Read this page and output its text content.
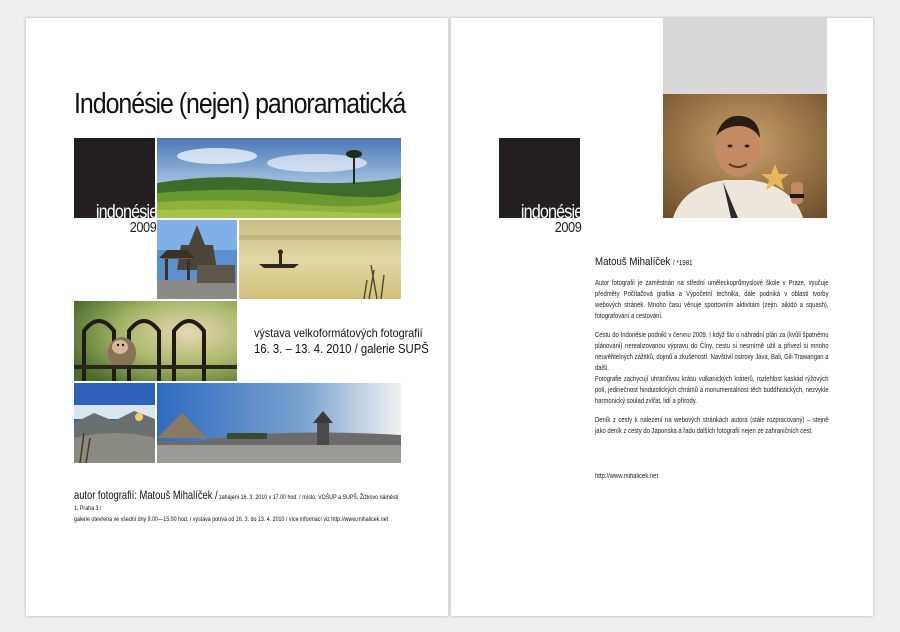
Indonésie (nejen) panoramatická
indonésie
2009
výstava velkoformátových fotografií
16. 3. – 13. 4. 2010 / galerie SUPŠ
autor fotografií: Matouš Mihalíček / zahájení 16. 3. 2010 v 17.00 hod. / místo: VOŠUP a SUPŠ, Žižkovo náměstí 1, Praha 3 /
galerie otevřena ve všední dny 9.00—15.00 hod. / výstava potrvá od 16. 3. do 13. 4. 2010 / více informací viz http://www.mihalicek.net
indonésie
2009
Matouš Mihalíček / *1981

Autor fotografií je zaměstnán na střední uměleckoprůmyslové škole v Praze, vyučuje předměty Počítačová grafika a Výpočetní technika, dále podniká v oblasti tvorby webových stránek. Mnoho času věnuje sportovním aktivitám (zejm. aikidó a squash), fotografování a cestování.

Cestu do Indonésie podnikl v červnu 2009. I když šlo o náhradní plán za (kvůli špatnému plánování) nerealizovanou výpravu do Číny, cestu si nesmírně užil a přivezl si mnoho neuvěřitelných zážitků, dojmů a zkušeností. Navštívil ostrovy Jáva, Bali, Gili Trawangan a další.

Fotografie zachycují uhrančivou krásu vulkanických kráterů, rozlehlost kaskád rýžových polí, jedinečnost hinduistických chrámů a monumentálnost těch buddhistických, nezvykle harmonický soulad zvířat, lidí a přírody.

Deník z cesty k nalezení na webových stránkách autora (stále rozpracovaný) – stejně jako deník z cesty do Japonska a řadu dalších fotografií nejen ze zahraničních cest.

http://www.mihalicek.net
